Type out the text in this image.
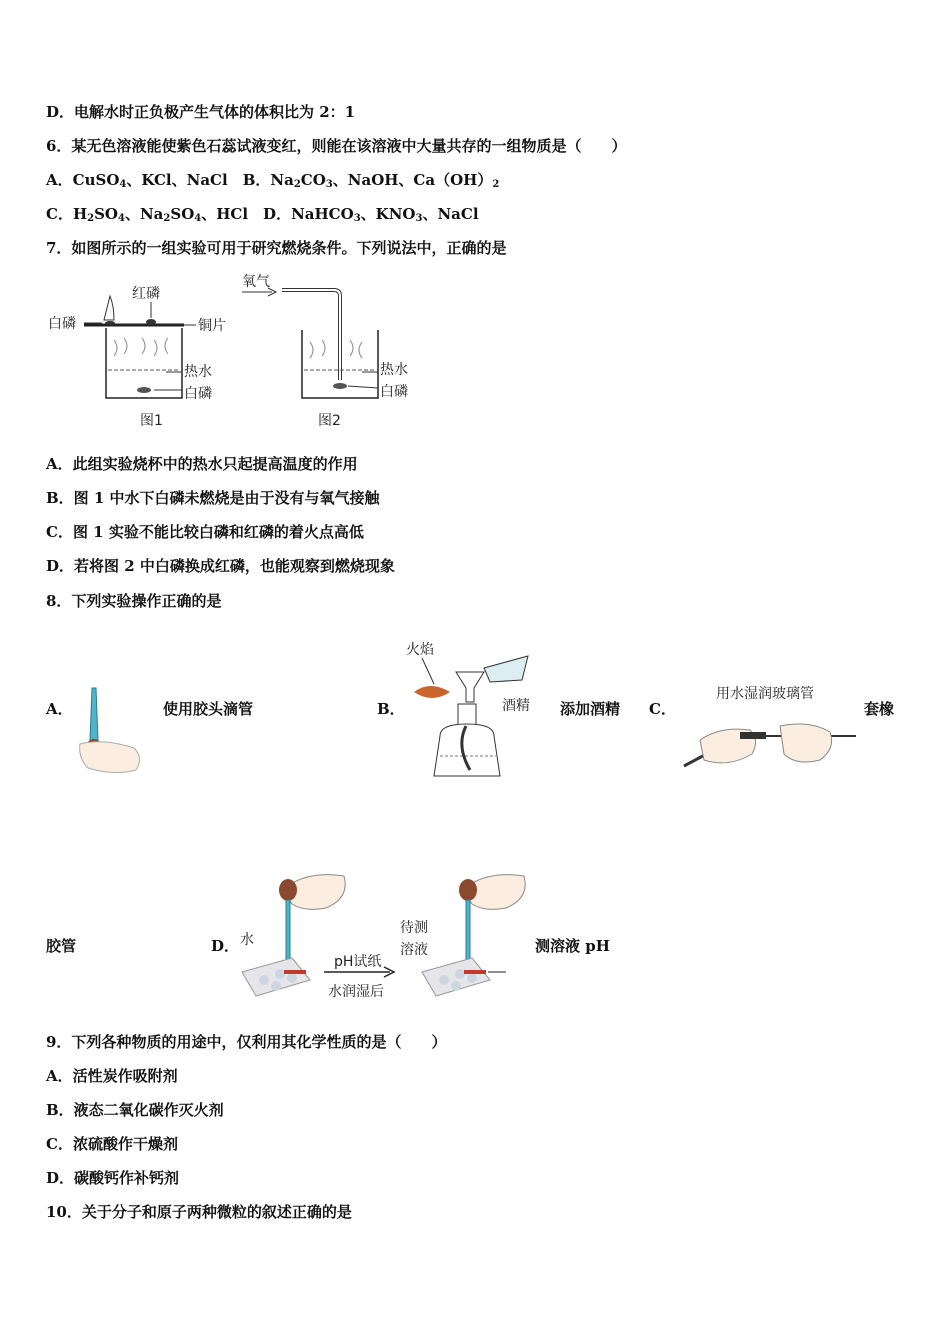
D．电解水时正负极产生气体的体积比为 2：1
6．某无色溶液能使紫色石蕊试液变红，则能在该溶液中大量共存的一组物质是（　　）
A．CuSO$_4$、KCl、NaCl　B．$Na_2CO_3$、NaOH、$Ca(OH)_2$
C．$H_2SO_4$、$Na_2SO_4$、HCl　D．NaHCO$_3$、$KNO_3$、NaCl
7．如图所示的一组实验可用于研究燃烧条件。下列说法中，正确的是
红磷
白磷	铜片
热水
白磷
图1
氧气
热水
白磷
图2
A．此组实验烧杯中的热水只起提高温度的作用
B．图 1 中水下白磷未燃烧是由于没有与氧气接触
C．图 1 实验不能比较白磷和红磷的着火点高低
D．若将图 2 中白磷换成红磷，也能观察到燃烧现象
8．下列实验操作正确的是
A．	使用胶头滴管	B．
火焰
酒精 添加酒精 C．
用水湿润玻璃管
套橡
胶管	D． 水
pH试纸
水润湿后
待测
溶液	测溶液 pH
9．下列各种物质的用途中，仅利用其化学性质的是（　　）
A．活性炭作吸附剂
B．液态二氧化碳作灭火剂
C．浓硫酸作干燥剂
D．碳酸钙作补钙剂
10．关于分子和原子两种微粒的叙述正确的是
